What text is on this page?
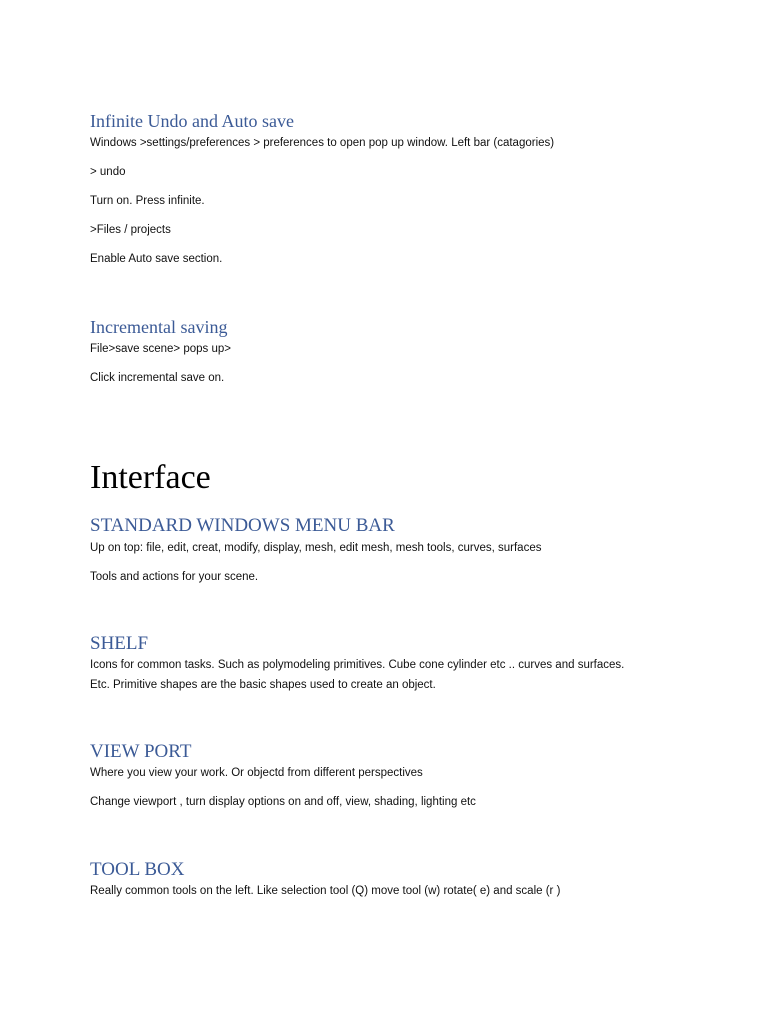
Infinite Undo and Auto save

Windows >settings/preferences > preferences to open pop up window. Left bar (catagories)

> undo

Turn on. Press infinite.

>Files / projects

Enable Auto save section.

Incremental saving

File>save scene> pops up>

Click incremental save on.

Interface
STANDARD WINDOWS MENU BAR

Up on top: file, edit, creat, modify, display, mesh, edit mesh, mesh tools, curves, surfaces

Tools and actions for your scene.

SHELF

Icons for common tasks. Such as polymodeling primitives. Cube cone cylinder etc .. curves and surfaces.

Etc. Primitive shapes are the basic shapes used to create an object.

VIEW PORT

Where you view your work. Or objectd from different perspectives

Change viewport , turn display options on and off, view, shading, lighting etc

TOOL BOX

Really common tools on the left. Like selection tool (Q) move tool (w) rotate( e) and scale (r )
